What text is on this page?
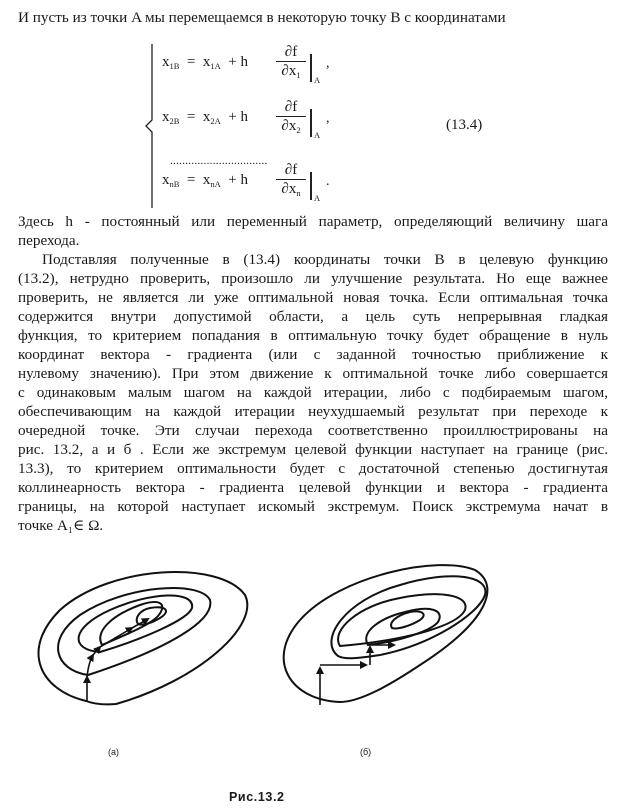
И пусть из точки A мы перемещаемся в некоторую точку B с координатами
$x_{1B} = x_{1A} + h$
∂f
$\partial x_1$	A
,
$x_{2B} = x_{2A} + h$
∂f
$\partial x_2$	A
,
................................
$x_{nB} = x_{nA} + h$
∂f
$\partial x_n$	A
.
(13.4)
Здесь h - постоянный или переменный параметр, определяющий величину шага
перехода.
Подставляя полученные в (13.4) координаты точки B в целевую функцию
(13.2), нетрудно проверить, произошло ли улучшение результата. Но еще важнее
проверить, не является ли уже оптимальной новая точка. Если оптимальная точка
содержится внутри допустимой области, а цель суть непрерывная гладкая
функция, то критерием попадания в оптимальную точку будет обращение в нуль
координат вектора - градиента (или с заданной точностью приближение к
нулевому значению). При этом движение к оптимальной точке либо совершается
с одинаковым малым шагом на каждой итерации, либо с подбираемым шагом,
обеспечивающим на каждой итерации неухудшаемый результат при переходе к
очередной точке. Эти случаи перехода соответственно проиллюстрированы на
рис. 13.2, а и б . Если же экстремум целевой функции наступает на границе (рис.
13.3), то критерием оптимальности будет с достаточной степенью достигнутая
коллинеарность вектора - градиента целевой функции и вектора - градиента
границы, на которой наступает искомый экстремум. Поиск экстремума начат в
точке A₁∈ Ω.
(а)	(б)
Рис.13.2
